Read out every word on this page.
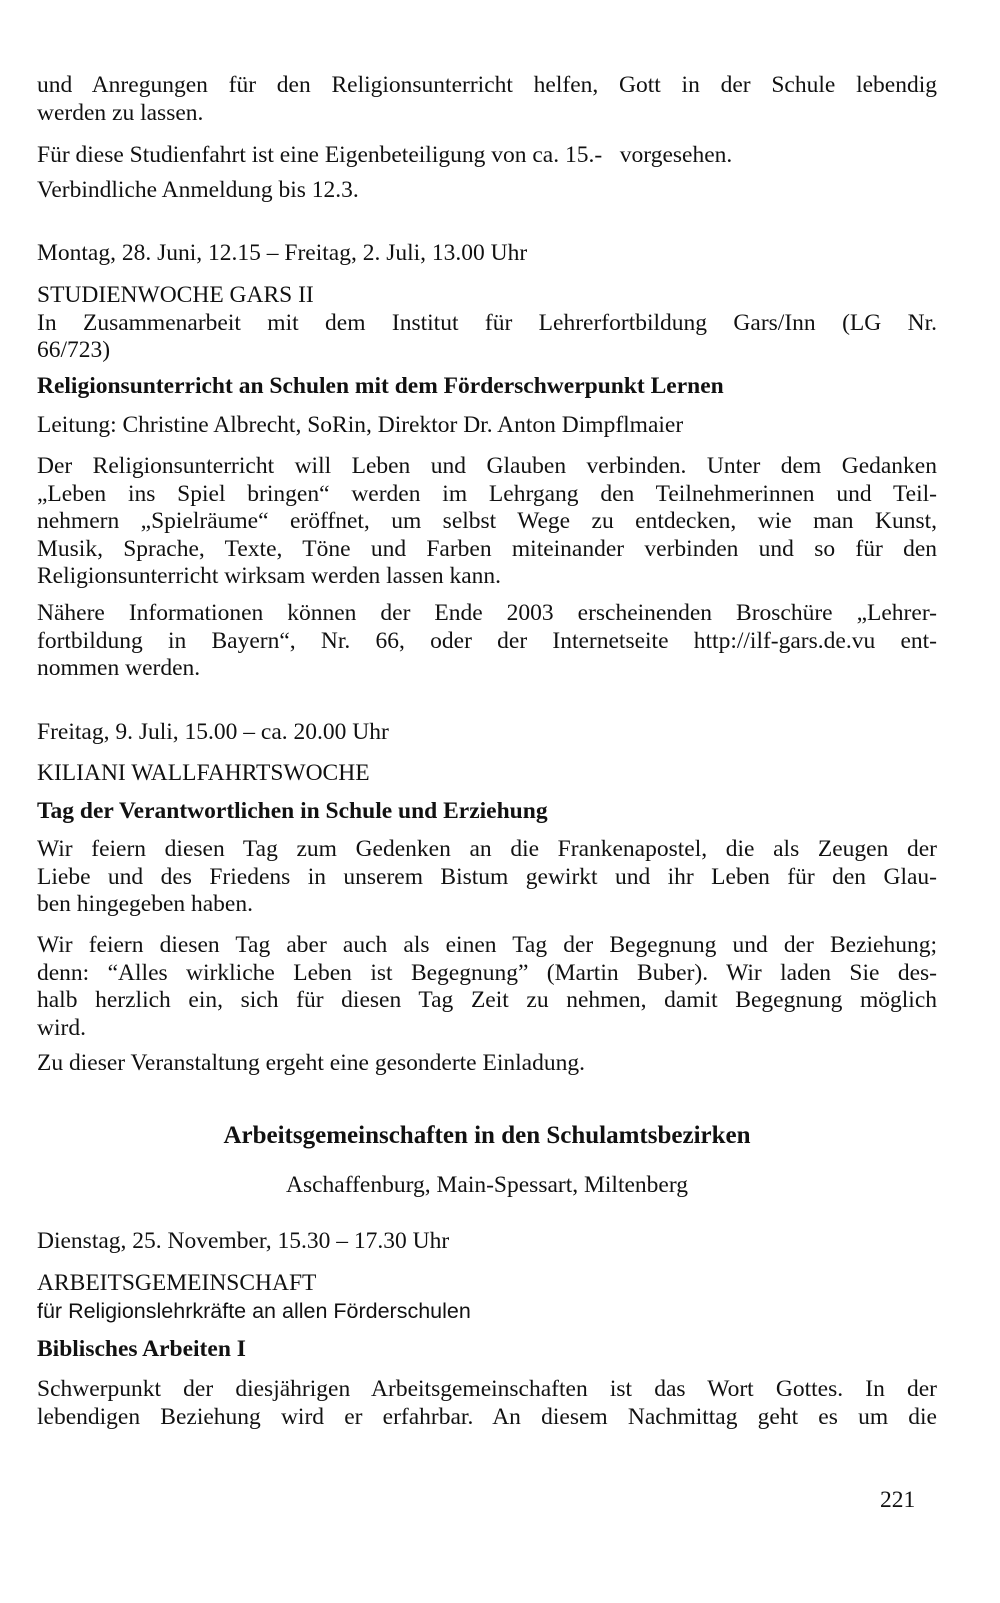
und Anregungen für den Religionsunterricht helfen, Gott in der Schule lebendig

werden zu lassen.

Für diese Studienfahrt ist eine Eigenbeteiligung von ca. 15.-   vorgesehen.

Verbindliche Anmeldung bis 12.3.

Montag, 28. Juni, 12.15 – Freitag, 2. Juli, 13.00 Uhr

STUDIENWOCHE GARS II

In Zusammenarbeit mit dem Institut für Lehrerfortbildung Gars/Inn (LG Nr.

66/723)

Religionsunterricht an Schulen mit dem Förderschwerpunkt Lernen

Leitung: Christine Albrecht, SoRin, Direktor Dr. Anton Dimpflmaier

Der Religionsunterricht will Leben und Glauben verbinden. Unter dem Gedanken

„Leben ins Spiel bringen“ werden im Lehrgang den Teilnehmerinnen und Teil-

nehmern „Spielräume“ eröffnet, um selbst Wege zu entdecken, wie man Kunst,

Musik, Sprache, Texte, Töne und Farben miteinander verbinden und so für den

Religionsunterricht wirksam werden lassen kann.

Nähere Informationen können der Ende 2003 erscheinenden Broschüre „Lehrer-

fortbildung in Bayern“, Nr. 66, oder der Internetseite http://ilf-gars.de.vu ent-

nommen werden.

Freitag, 9. Juli, 15.00 – ca. 20.00 Uhr

KILIANI WALLFAHRTSWOCHE

Tag der Verantwortlichen in Schule und Erziehung

Wir feiern diesen Tag zum Gedenken an die Frankenapostel, die als Zeugen der

Liebe und des Friedens in unserem Bistum gewirkt und ihr Leben für den Glau-

ben hingegeben haben.

Wir feiern diesen Tag aber auch als einen Tag der Begegnung und der Beziehung;

denn: “Alles wirkliche Leben ist Begegnung” (Martin Buber). Wir laden Sie des-

halb herzlich ein, sich für diesen Tag Zeit zu nehmen, damit Begegnung möglich

wird.

Zu dieser Veranstaltung ergeht eine gesonderte Einladung.

Arbeitsgemeinschaften in den Schulamtsbezirken

Aschaffenburg, Main-Spessart, Miltenberg

Dienstag, 25. November, 15.30 – 17.30 Uhr

ARBEITSGEMEINSCHAFT

für Religionslehrkräfte an allen Förderschulen

Biblisches Arbeiten I

Schwerpunkt der diesjährigen Arbeitsgemeinschaften ist das Wort Gottes. In der

lebendigen Beziehung wird er erfahrbar. An diesem Nachmittag geht es um die

221
